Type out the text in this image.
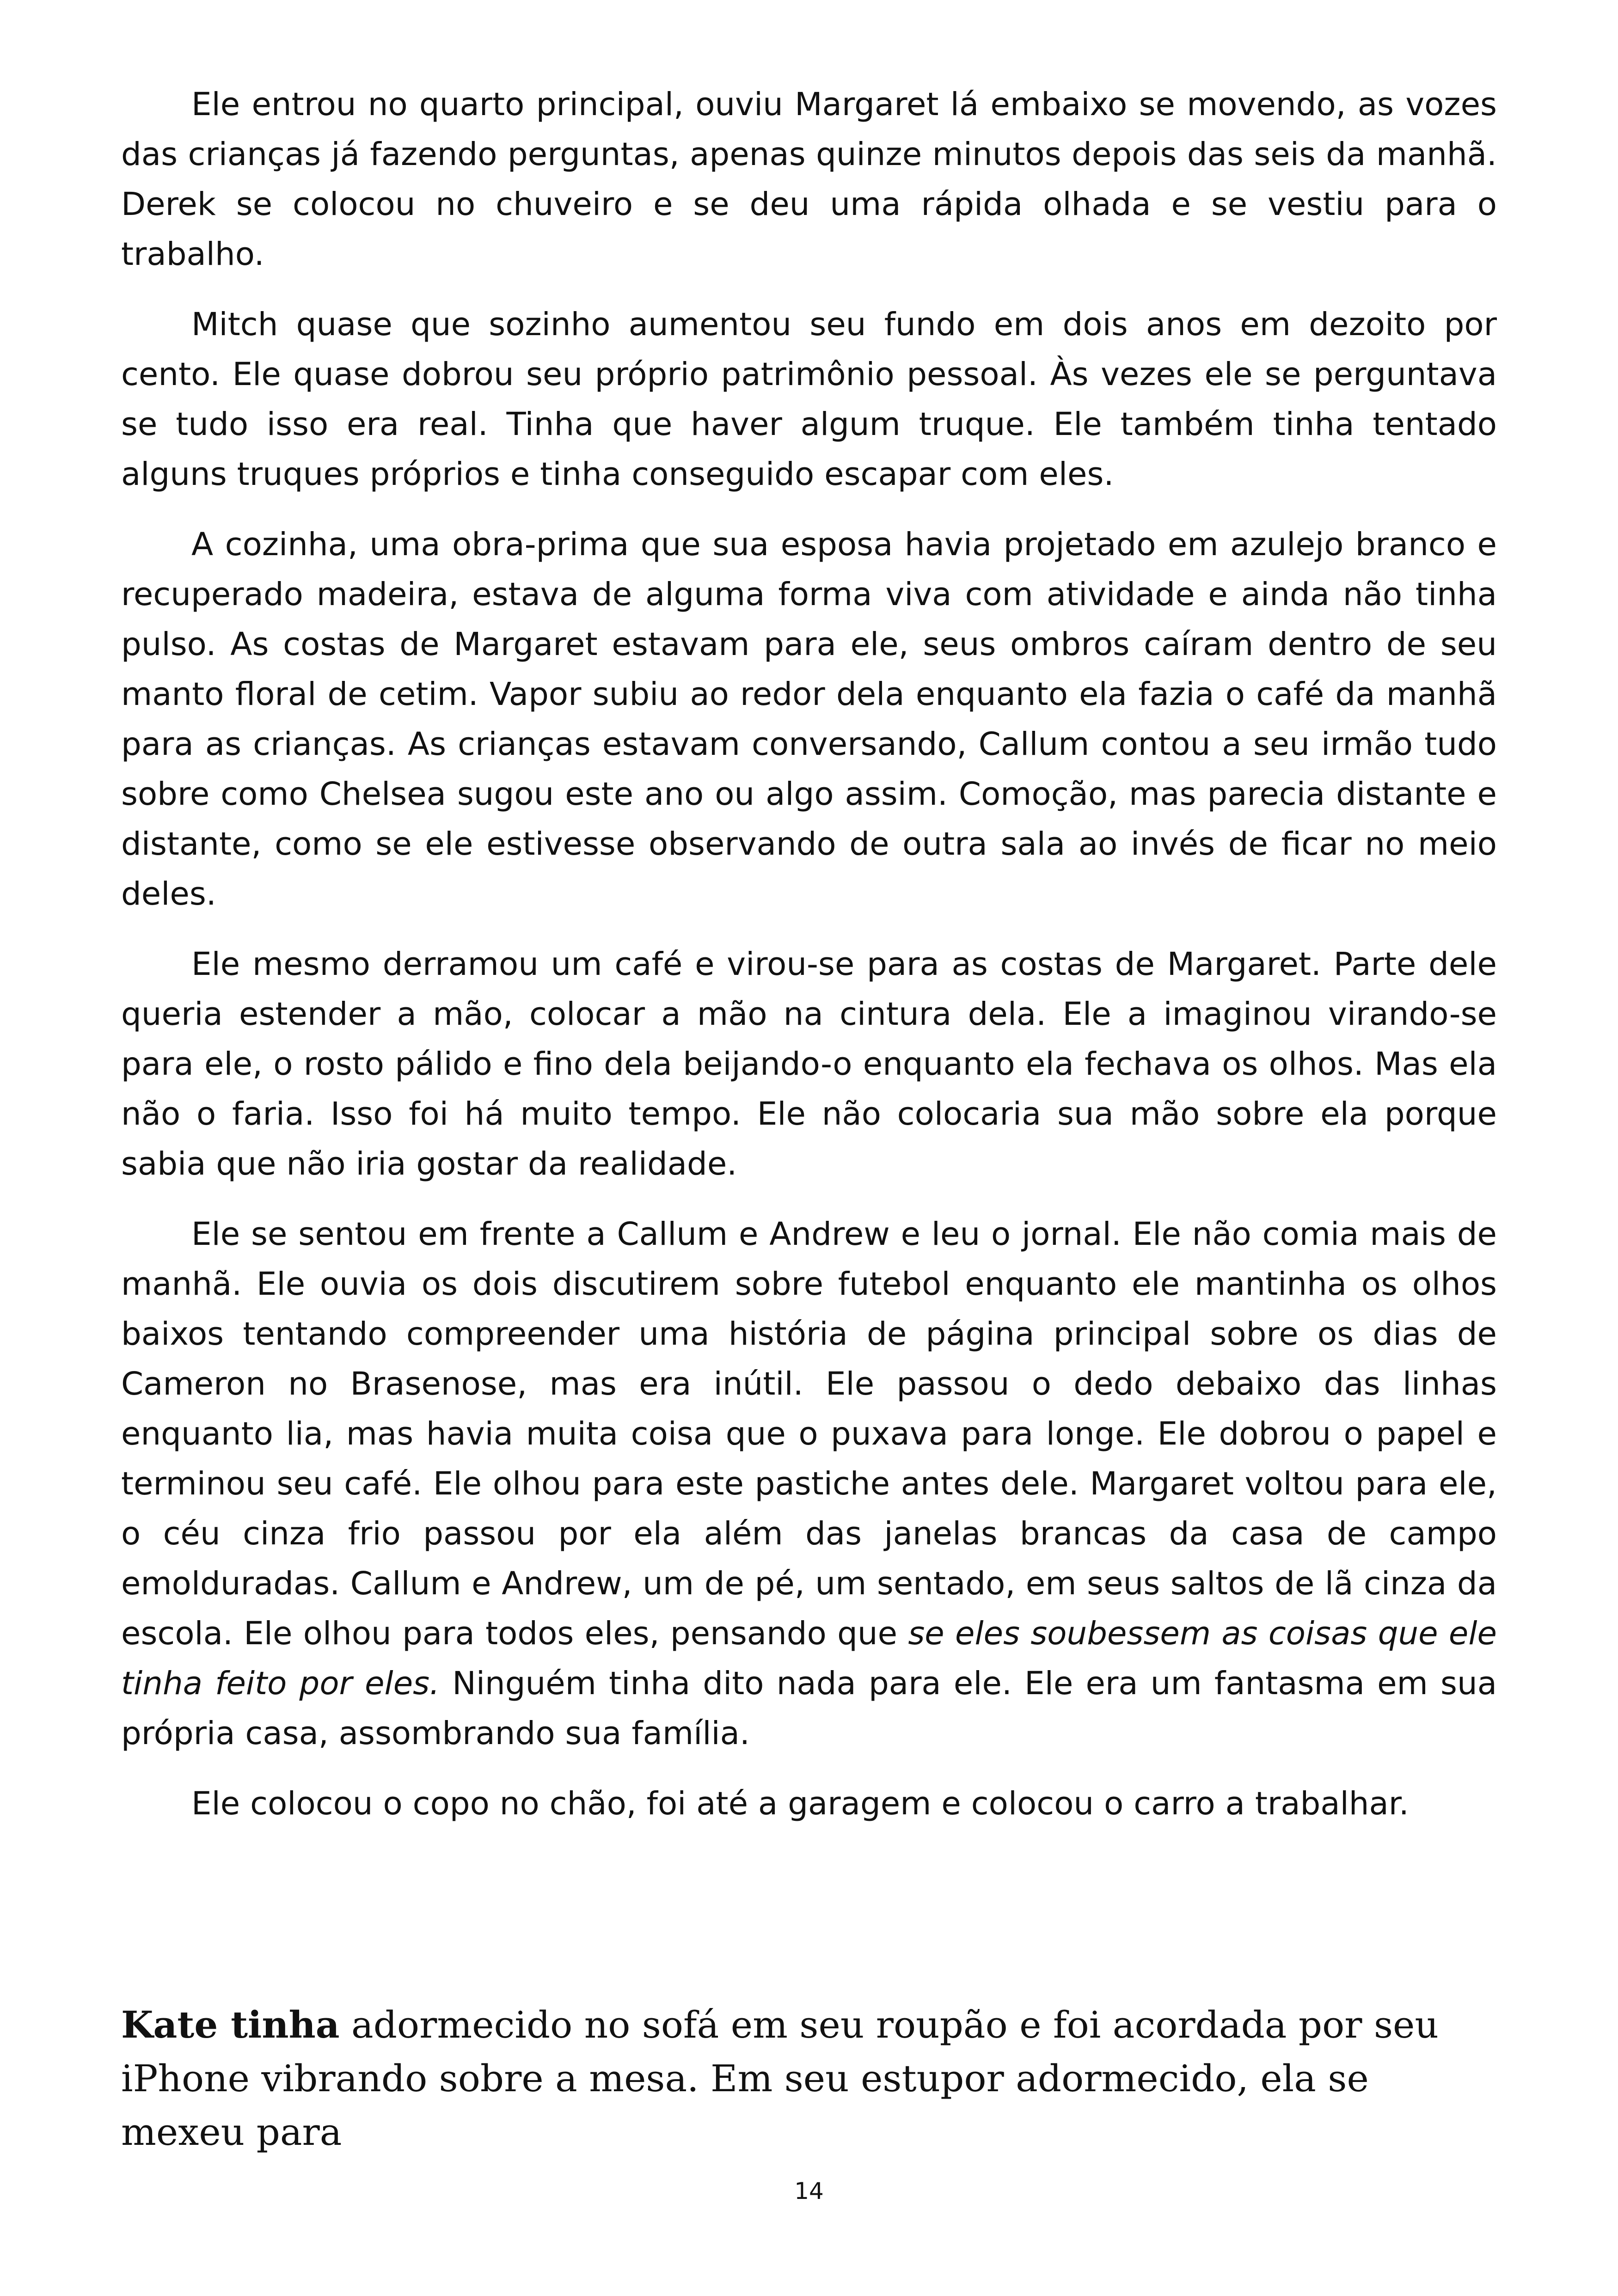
Ele entrou no quarto principal, ouviu Margaret lá embaixo se movendo, as vozes das crianças já fazendo perguntas, apenas quinze minutos depois das seis da manhã. Derek se colocou no chuveiro e se deu uma rápida olhada e se vestiu para o trabalho.

Mitch quase que sozinho aumentou seu fundo em dois anos em dezoito por cento. Ele quase dobrou seu próprio patrimônio pessoal. Às vezes ele se perguntava se tudo isso era real. Tinha que haver algum truque. Ele também tinha tentado alguns truques próprios e tinha conseguido escapar com eles.

A cozinha, uma obra-prima que sua esposa havia projetado em azulejo branco e recuperado madeira, estava de alguma forma viva com atividade e ainda não tinha pulso. As costas de Margaret estavam para ele, seus ombros caíram dentro de seu manto floral de cetim. Vapor subiu ao redor dela enquanto ela fazia o café da manhã para as crianças. As crianças estavam conversando, Callum contou a seu irmão tudo sobre como Chelsea sugou este ano ou algo assim. Comoção, mas parecia distante e distante, como se ele estivesse observando de outra sala ao invés de ficar no meio deles.

Ele mesmo derramou um café e virou-se para as costas de Margaret. Parte dele queria estender a mão, colocar a mão na cintura dela. Ele a imaginou virando-se para ele, o rosto pálido e fino dela beijando-o enquanto ela fechava os olhos. Mas ela não o faria. Isso foi há muito tempo. Ele não colocaria sua mão sobre ela porque sabia que não iria gostar da realidade.

Ele se sentou em frente a Callum e Andrew e leu o jornal. Ele não comia mais de manhã. Ele ouvia os dois discutirem sobre futebol enquanto ele mantinha os olhos baixos tentando compreender uma história de página principal sobre os dias de Cameron no Brasenose, mas era inútil. Ele passou o dedo debaixo das linhas enquanto lia, mas havia muita coisa que o puxava para longe. Ele dobrou o papel e terminou seu café. Ele olhou para este pastiche antes dele. Margaret voltou para ele, o céu cinza frio passou por ela além das janelas brancas da casa de campo emolduradas. Callum e Andrew, um de pé, um sentado, em seus saltos de lã cinza da escola. Ele olhou para todos eles, pensando que se eles soubessem as coisas que ele tinha feito por eles. Ninguém tinha dito nada para ele. Ele era um fantasma em sua própria casa, assombrando sua família.

Ele colocou o copo no chão, foi até a garagem e colocou o carro a trabalhar.

Kate tinha adormecido no sofá em seu roupão e foi acordada por seu iPhone vibrando sobre a mesa. Em seu estupor adormecido, ela se mexeu para

14
